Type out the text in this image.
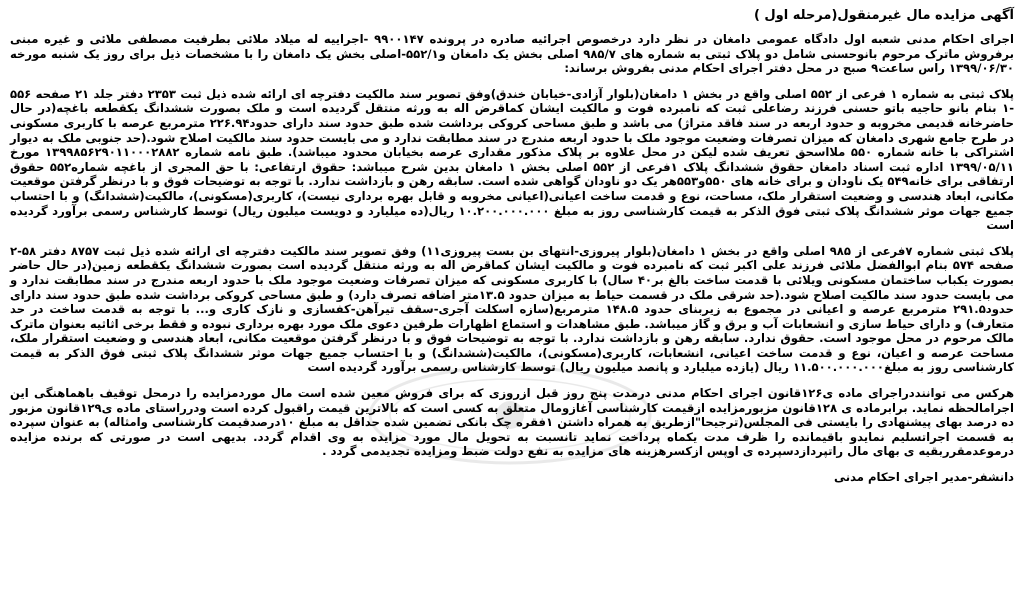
آگهی مزایده مال غیرمنقول(مرحله اول )

اجرای احکام مدنی شعبه اول دادگاه عمومی دامغان در نظر دارد درخصوص اجرائیه صادره در پرونده ۹۹۰۰۱۴۷ -اجراییه له میلاد ملائی بطرفیت مصطفی ملائی و غیره مبنی برفروش ماترک مرحوم بانوحسنی شامل دو پلاک ثبتی به شماره های ۹۸۵/۷ اصلی بخش یک دامغان و۵۵۲/۱-اصلی بخش یک دامغان را با مشخصات ذیل برای روز یک شنبه مورخه ۱۳۹۹/۰۶/۳۰ راس ساعت۹ صبح در محل دفتر اجرای احکام مدنی بفروش برساند:

پلاک ثبتی به شماره ۱ فرعی از ۵۵۲ اصلی واقع در بخش ۱ دامغان(بلوار آزادی-خیابان خندق)وفق تصویر سند مالکیت دفترچه ای ارائه شده ذیل ثبت ۲۳۵۳ دفتر جلد ۲۱ صفحه ۵۵۶ -۱ بنام بانو حاجیه باتو حسنی فرزند رضاعلی ثبت که نامبرده فوت و مالکیت ایشان کماقرض اله به ورثه منتقل گردیده است و ملک بصورت ششدانگ یکقطعه باغچه(در حال حاضرخانه قدیمی مخروبه و حدود اربعه در سند فاقد متراژ) می باشد و طبق مساحی کروکی برداشت شده طبق حدود سند دارای حدود۲۲۶.۹۴ مترمربع عرصه با کاربری مسکونی در طرح جامع شهری دامغان که میزان تصرفات وضعیت موجود ملک با حدود اربعه مندرج در سند مطابقت ندارد و می بایست حدود سند مالکیت اصلاح شود.(حد جنوبی ملک به دیوار اشتراکی با خانه شماره ۵۵۰ ملااسحق تعریف شده لیکن در محل علاوه بر پلاک مذکور مقداری عرصه بخیابان محدود میباشد). طبق نامه شماره ۱۳۹۹۸۵۶۲۹۰۱۱۰۰۰۲۸۸۲ مورخ ۱۳۹۹/۰۵/۱۱ اداره ثبت اسناد دامغان حقوق ششدانگ پلاک ۱فرعی از ۵۵۲ اصلی بخش ۱ دامغان بدین شرح میباشد: حقوق ارتفاعی: با حق المجری از باغچه شماره۵۵۲ حقوق ارتفاقی برای خانه۵۴۹ یک ناودان و برای خانه های ۵۵۰و۵۵۳هر یک دو ناودان گواهی شده است. سابقه رهن و بازداشت ندارد. با توجه به توضیحات فوق و با درنظر گرفتن موقعیت مکانی، ابعاد هندسی و وضعیت استقرار ملک، مساحت، نوع و قدمت ساخت اعیانی(اعیانی مخروبه و قابل بهره برداری نیست)، کاربری(مسکونی)، مالکیت(ششدانگ) و با احتساب جمیع جهات موثر ششدانگ پلاک ثبتی فوق الذکر به قیمت کارشناسی روز به مبلغ ۱۰.۲۰۰.۰۰۰.۰۰۰ ریال(ده میلیارد و دویست میلیون ریال) توسط کارشناس رسمی برآورد گردیده است

پلاک ثبتی شماره ۷فرعی از ۹۸۵ اصلی واقع در بخش ۱ دامغان(بلوار پیروزی-انتهای بن بست پیروزی۱۱) وفق تصویر سند مالکیت دفترچه ای ارائه شده ذیل ثبت ۸۷۵۷ دفتر ۵۸-۲ صفحه ۵۷۴ بنام ابوالفضل ملائی فرزند علی اکبر ثبت که نامبرده فوت و مالکیت ایشان کماقرض اله به ورثه منتقل گردیده است بصورت ششدانگ یکقطعه زمین(در حال حاضر بصورت یکباب ساختمان مسکونی ویلائی با قدمت ساخت بالغ بر۴۰ سال) با کاربری مسکونی که میزان تصرفات وضعیت موجود ملک با حدود اربعه مندرج در سند مطابقت ندارد و می بایست حدود سند مالکیت اصلاح شود.(حد شرقی ملک در قسمت حیاط به میزان حدود ۱۳.۵متر اضافه تصرف دارد) و طبق مساحی کروکی برداشت شده طبق حدود سند دارای حدود۲۹۱.۵ مترمربع عرصه و اعیانی در مجموع به زیربنای حدود ۱۴۸.۵ مترمربع(سازه اسکلت آجری-سقف تیرآهن-کفسازی و نازک کاری و... با توجه به قدمت ساخت در حد متعارف) و دارای حیاط سازی و انشعابات آب و برق و گاز میباشد. طبق مشاهدات و استماع اظهارات طرفین دعوی ملک مورد بهره برداری نبوده و فقط برخی اثاثیه بعنوان ماترک مالک مرحوم در محل موجود است. حقوق ندارد. سابقه رهن و بازداشت ندارد. با توجه به توضیحات فوق و با درنظر گرفتن موقعیت مکانی، ابعاد هندسی و وضعیت استقرار ملک، مساحت عرصه و اعیان، نوع و قدمت ساخت اعیانی، انشعابات، کاربری(مسکونی)، مالکیت(ششدانگ) و با احتساب جمیع جهات موثر ششدانگ پلاک ثبتی فوق الذکر به قیمت کارشناسی روز به مبلغ۱۱.۵۰۰.۰۰۰.۰۰۰ ریال (یازده میلیارد و پانصد میلیون ریال) توسط کارشناس رسمی برآورد گردیده است

هرکس می تواننددراجرای ماده ی۱۲۶قانون اجرای احکام مدنی درمدت پنج روز قبل ازروزی که برای فروش معین شده است مال موردمزایده را درمحل توقیف باهماهنگی این اجرامالحظه نماید. برابرماده ی ۱۲۸قانون مزبورمزایده ازقیمت کارشناسی آغازومال متعلق به کسی است که بالاترین قیمت راقبول کرده است ودرراستای ماده ی۱۲۹قانون مزبور ده درصد بهای پیشنهادی را بایستی فی المجلس(ترجیحا"ازطریق به همراه داشتن ۱فقره چک بانکی تضمین شده حداقل به مبلغ ۱۰درصدقیمت کارشناسی وامثاله) به عنوان سپرده به قسمت اجراتسلیم نمایدو باقیمانده را ظرف مدت یکماه پرداخت نماید تانسبت به تحویل مال مورد مزایده به وی اقدام گردد. بدیهی است در صورتی که برنده مزایده درموعدمقرربقیه ی بهای مال راتپردازدسپرده ی اوپس ازکسرهزینه های مزایده به نفع دولت ضبط ومزایده تجدیدمی گردد .

دانشفر-مدیر اجرای احکام مدنی
